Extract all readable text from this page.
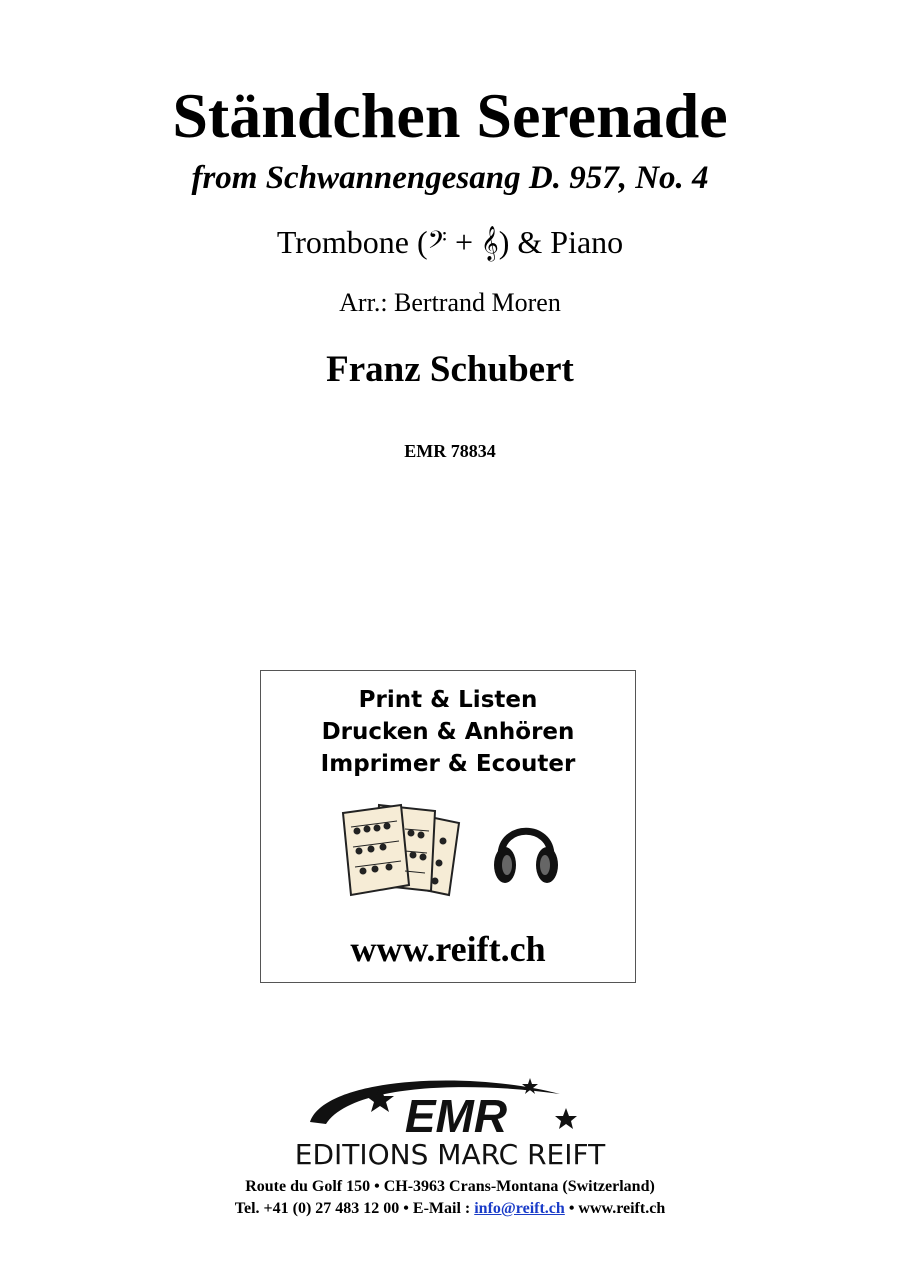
Ständchen Serenade
from Schwannengesang D. 957, No. 4
Trombone (𝄢 + 𝄞) & Piano
Arr.: Bertrand Moren
Franz Schubert
EMR 78834
Print & Listen
Drucken & Anhören
Imprimer & Ecouter
www.reift.ch
EMR
EDITIONS MARC REIFT
Route du Golf 150 • CH-3963 Crans-Montana (Switzerland)
Tel. +41 (0) 27 483 12 00 • E-Mail : info@reift.ch • www.reift.ch
